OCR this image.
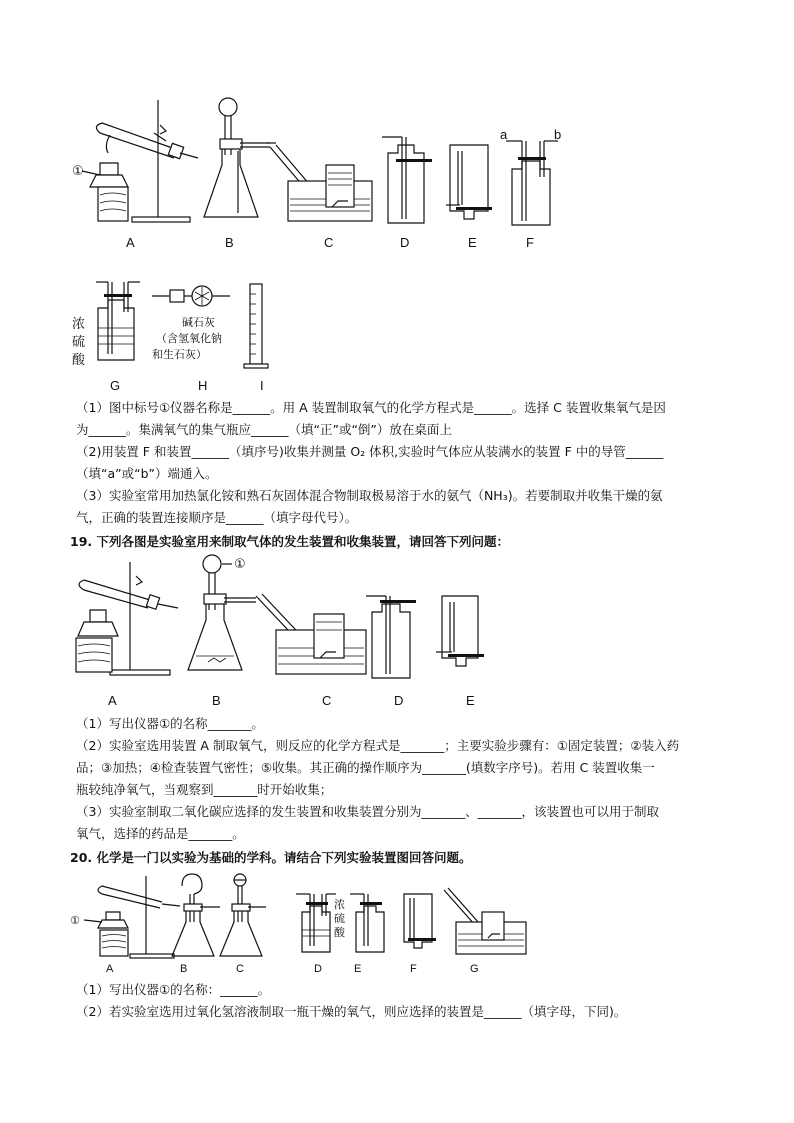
①
A	B	C	D	E
a	b
F
浓
硫
酸
G
碱石灰
（含氢氧化钠
和生石灰）
H	I
（1）图中标号①仪器名称是______。用 A 装置制取氧气的化学方程式是______。选择 C 装置收集氧气是因
为______。集满氧气的集气瓶应______（填“正”或“倒”）放在桌面上
（2)用装置 F 和装置______（填序号)收集并测量 O₂ 体积,实验时气体应从装满水的装置 F 中的导管______
（填“a”或“b”）端通入。
（3）实验室常用加热氯化铵和熟石灰固体混合物制取极易溶于水的氨气（NH₃)。若要制取并收集干燥的氨
气，正确的装置连接顺序是______（填字母代号）。
19. 下列各图是实验室用来制取气体的发生装置和收集装置，请回答下列问题：
A
①
B	C	D	E
（1）写出仪器①的名称_______。
（2）实验室选用装置 A 制取氧气，则反应的化学方程式是_______；主要实验步骤有：①固定装置；②装入药
品；③加热；④检查装置气密性；⑤收集。其正确的操作顺序为_______(填数字序号)。若用 C 装置收集一
瓶较纯净氧气，当观察到_______时开始收集；
（3）实验室制取二氧化碳应选择的发生装置和收集装置分别为_______、_______，该装置也可以用于制取
氧气，选择的药品是_______。
20. 化学是一门以实验为基础的学科。请结合下列实验装置图回答问题。
①
A	B	C
浓
硫
酸
D	E	F	G
（1）写出仪器①的名称：______。
（2）若实验室选用过氧化氢溶液制取一瓶干燥的氧气，则应选择的装置是______（填字母，下同)。
